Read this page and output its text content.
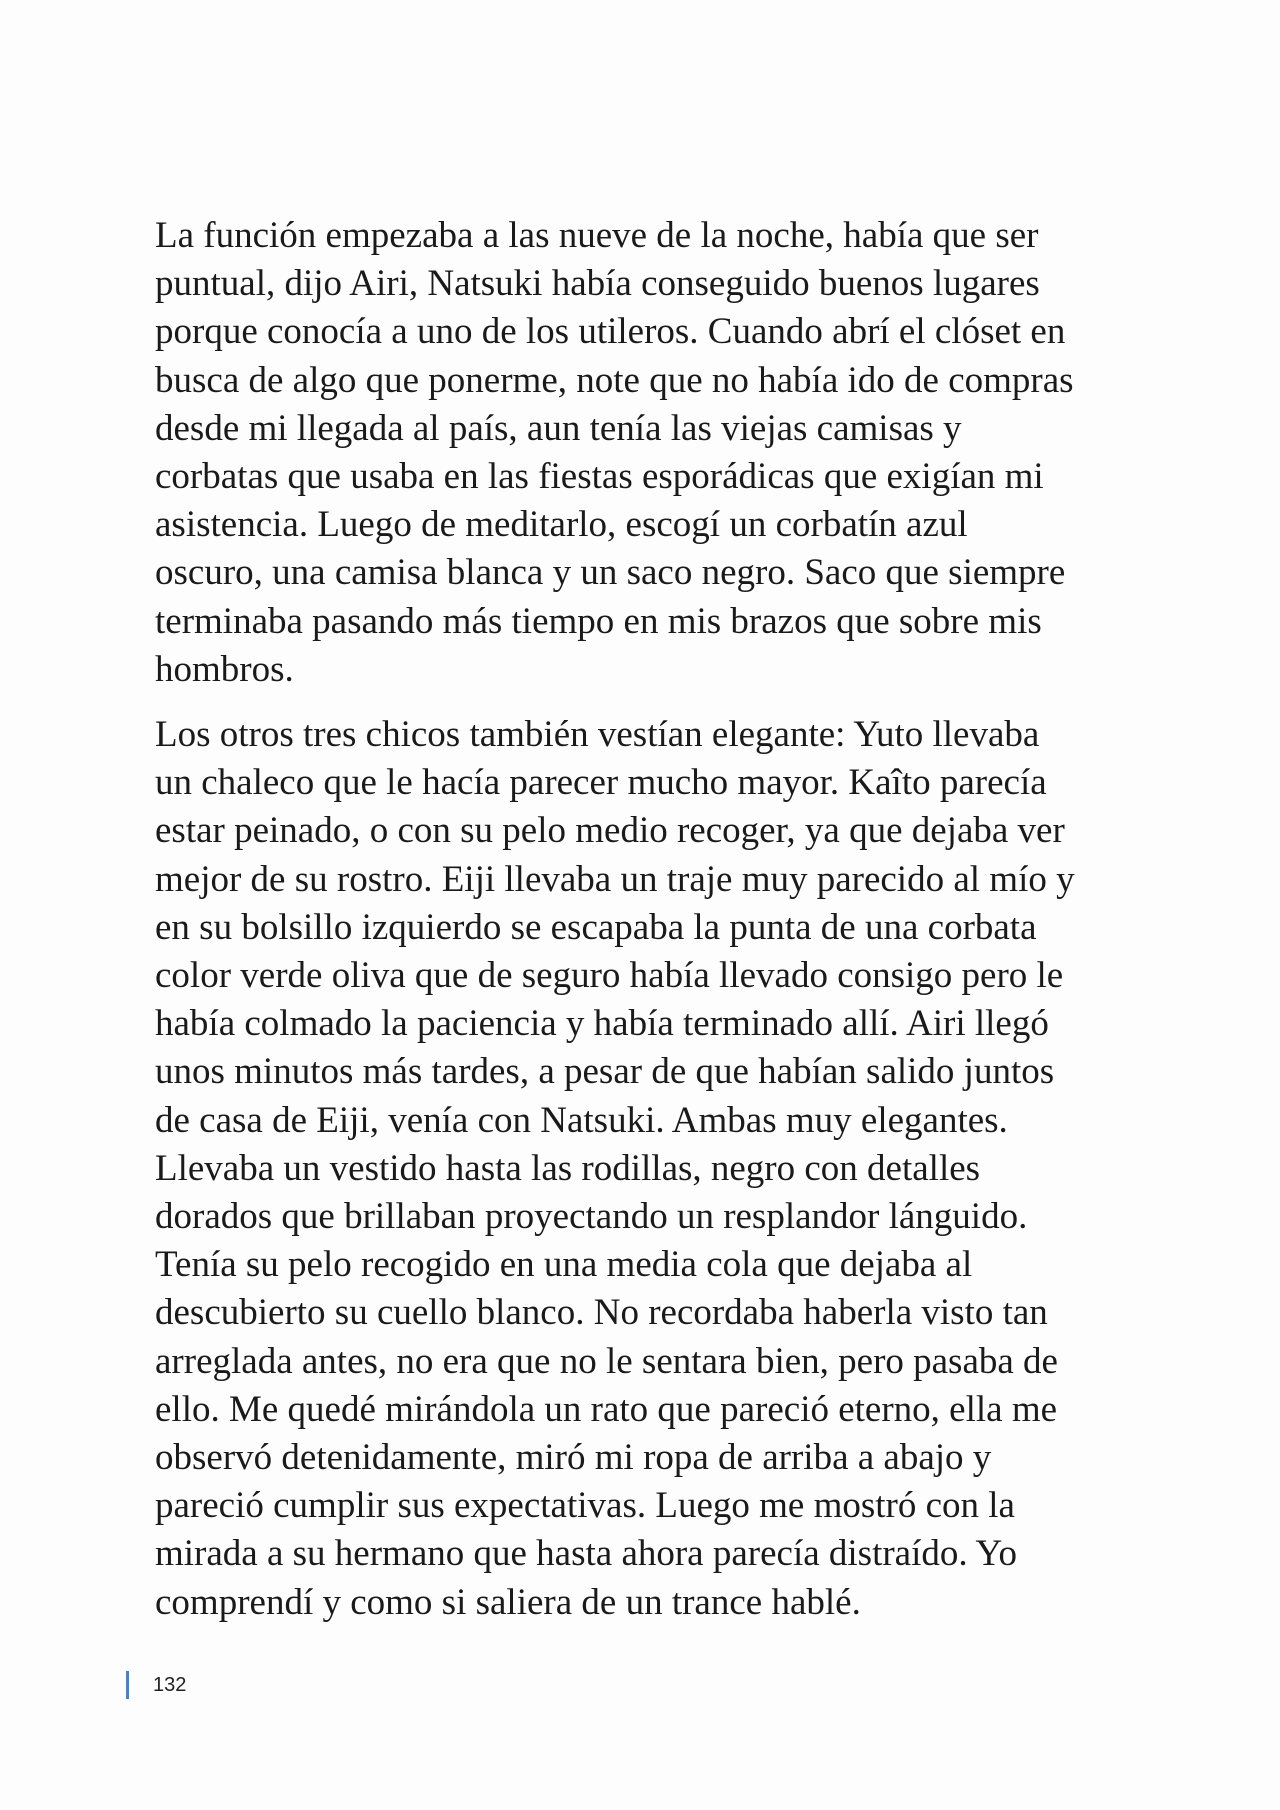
La función empezaba a las nueve de la noche, había que ser
puntual, dijo Airi, Natsuki había conseguido buenos lugares
porque conocía a uno de los utileros. Cuando abrí el clóset en
busca de algo que ponerme, note que no había ido de compras
desde mi llegada al país, aun tenía las viejas camisas y
corbatas que usaba en las fiestas esporádicas que exigían mi
asistencia. Luego de meditarlo, escogí un corbatín azul
oscuro, una camisa blanca y un saco negro. Saco que siempre
terminaba pasando más tiempo en mis brazos que sobre mis
hombros.

Los otros tres chicos también vestían elegante: Yuto llevaba
un chaleco que le hacía parecer mucho mayor. Kaîto parecía
estar peinado, o con su pelo medio recoger, ya que dejaba ver
mejor de su rostro. Eiji llevaba un traje muy parecido al mío y
en su bolsillo izquierdo se escapaba la punta de una corbata
color verde oliva que de seguro había llevado consigo pero le
había colmado la paciencia y había terminado allí. Airi llegó
unos minutos más tardes, a pesar de que habían salido juntos
de casa de Eiji, venía con Natsuki. Ambas muy elegantes.
Llevaba un vestido hasta las rodillas, negro con detalles
dorados que brillaban proyectando un resplandor lánguido.
Tenía su pelo recogido en una media cola que dejaba al
descubierto su cuello blanco. No recordaba haberla visto tan
arreglada antes, no era que no le sentara bien, pero pasaba de
ello. Me quedé mirándola un rato que pareció eterno, ella me
observó detenidamente, miró mi ropa de arriba a abajo y
pareció cumplir sus expectativas. Luego me mostró con la
mirada a su hermano que hasta ahora parecía distraído. Yo
comprendí y como si saliera de un trance hablé.

132
